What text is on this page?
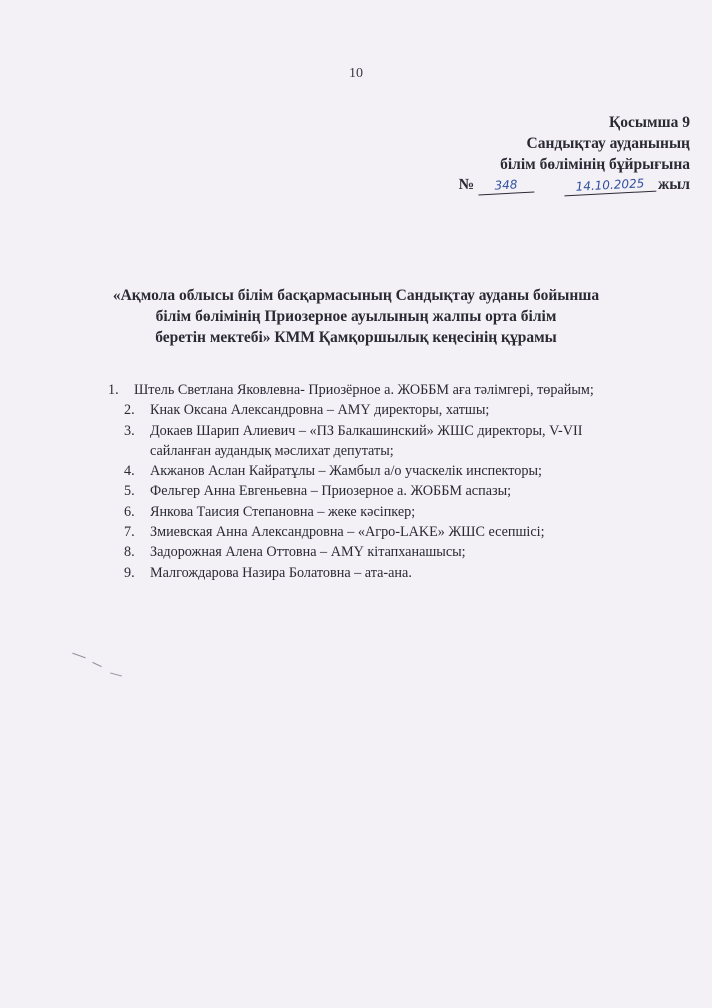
10
Қосымша 9
Сандықтау ауданының
білім бөлімінің бұйрығына
№ 348	14.10.2025 жыл
«Ақмола облысы білім басқармасының Сандықтау ауданы бойынша
білім бөлімінің Приозерное ауылының жалпы орта білім
беретін мектебі» КММ Қамқоршылық кеңесінің құрамы
1. Штель Светлана Яковлевна- Приозёрное а. ЖОББМ аға тәлімгері, төрайым;
2. Кнак Оксана Александровна – АМҮ директоры, хатшы;
3. Докаев Шарип Алиевич – «ПЗ Балкашинский» ЖШС директоры, V-VII
сайланған аудандық мәслихат депутаты;
4. Акжанов Аслан Кайратұлы – Жамбыл а/о учаскелік инспекторы;
5. Фельгер Анна Евгеньевна – Приозерное а. ЖОББМ аспазы;
6. Янкова Таисия Степановна – жеке кәсіпкер;
7. Змиевская Анна Александровна – «Агро-LAKE» ЖШС есепшісі;
8. Задорожная Алена Оттовна – АМҮ кітапханашысы;
9. Малгождарова Назира Болатовна – ата-ана.
